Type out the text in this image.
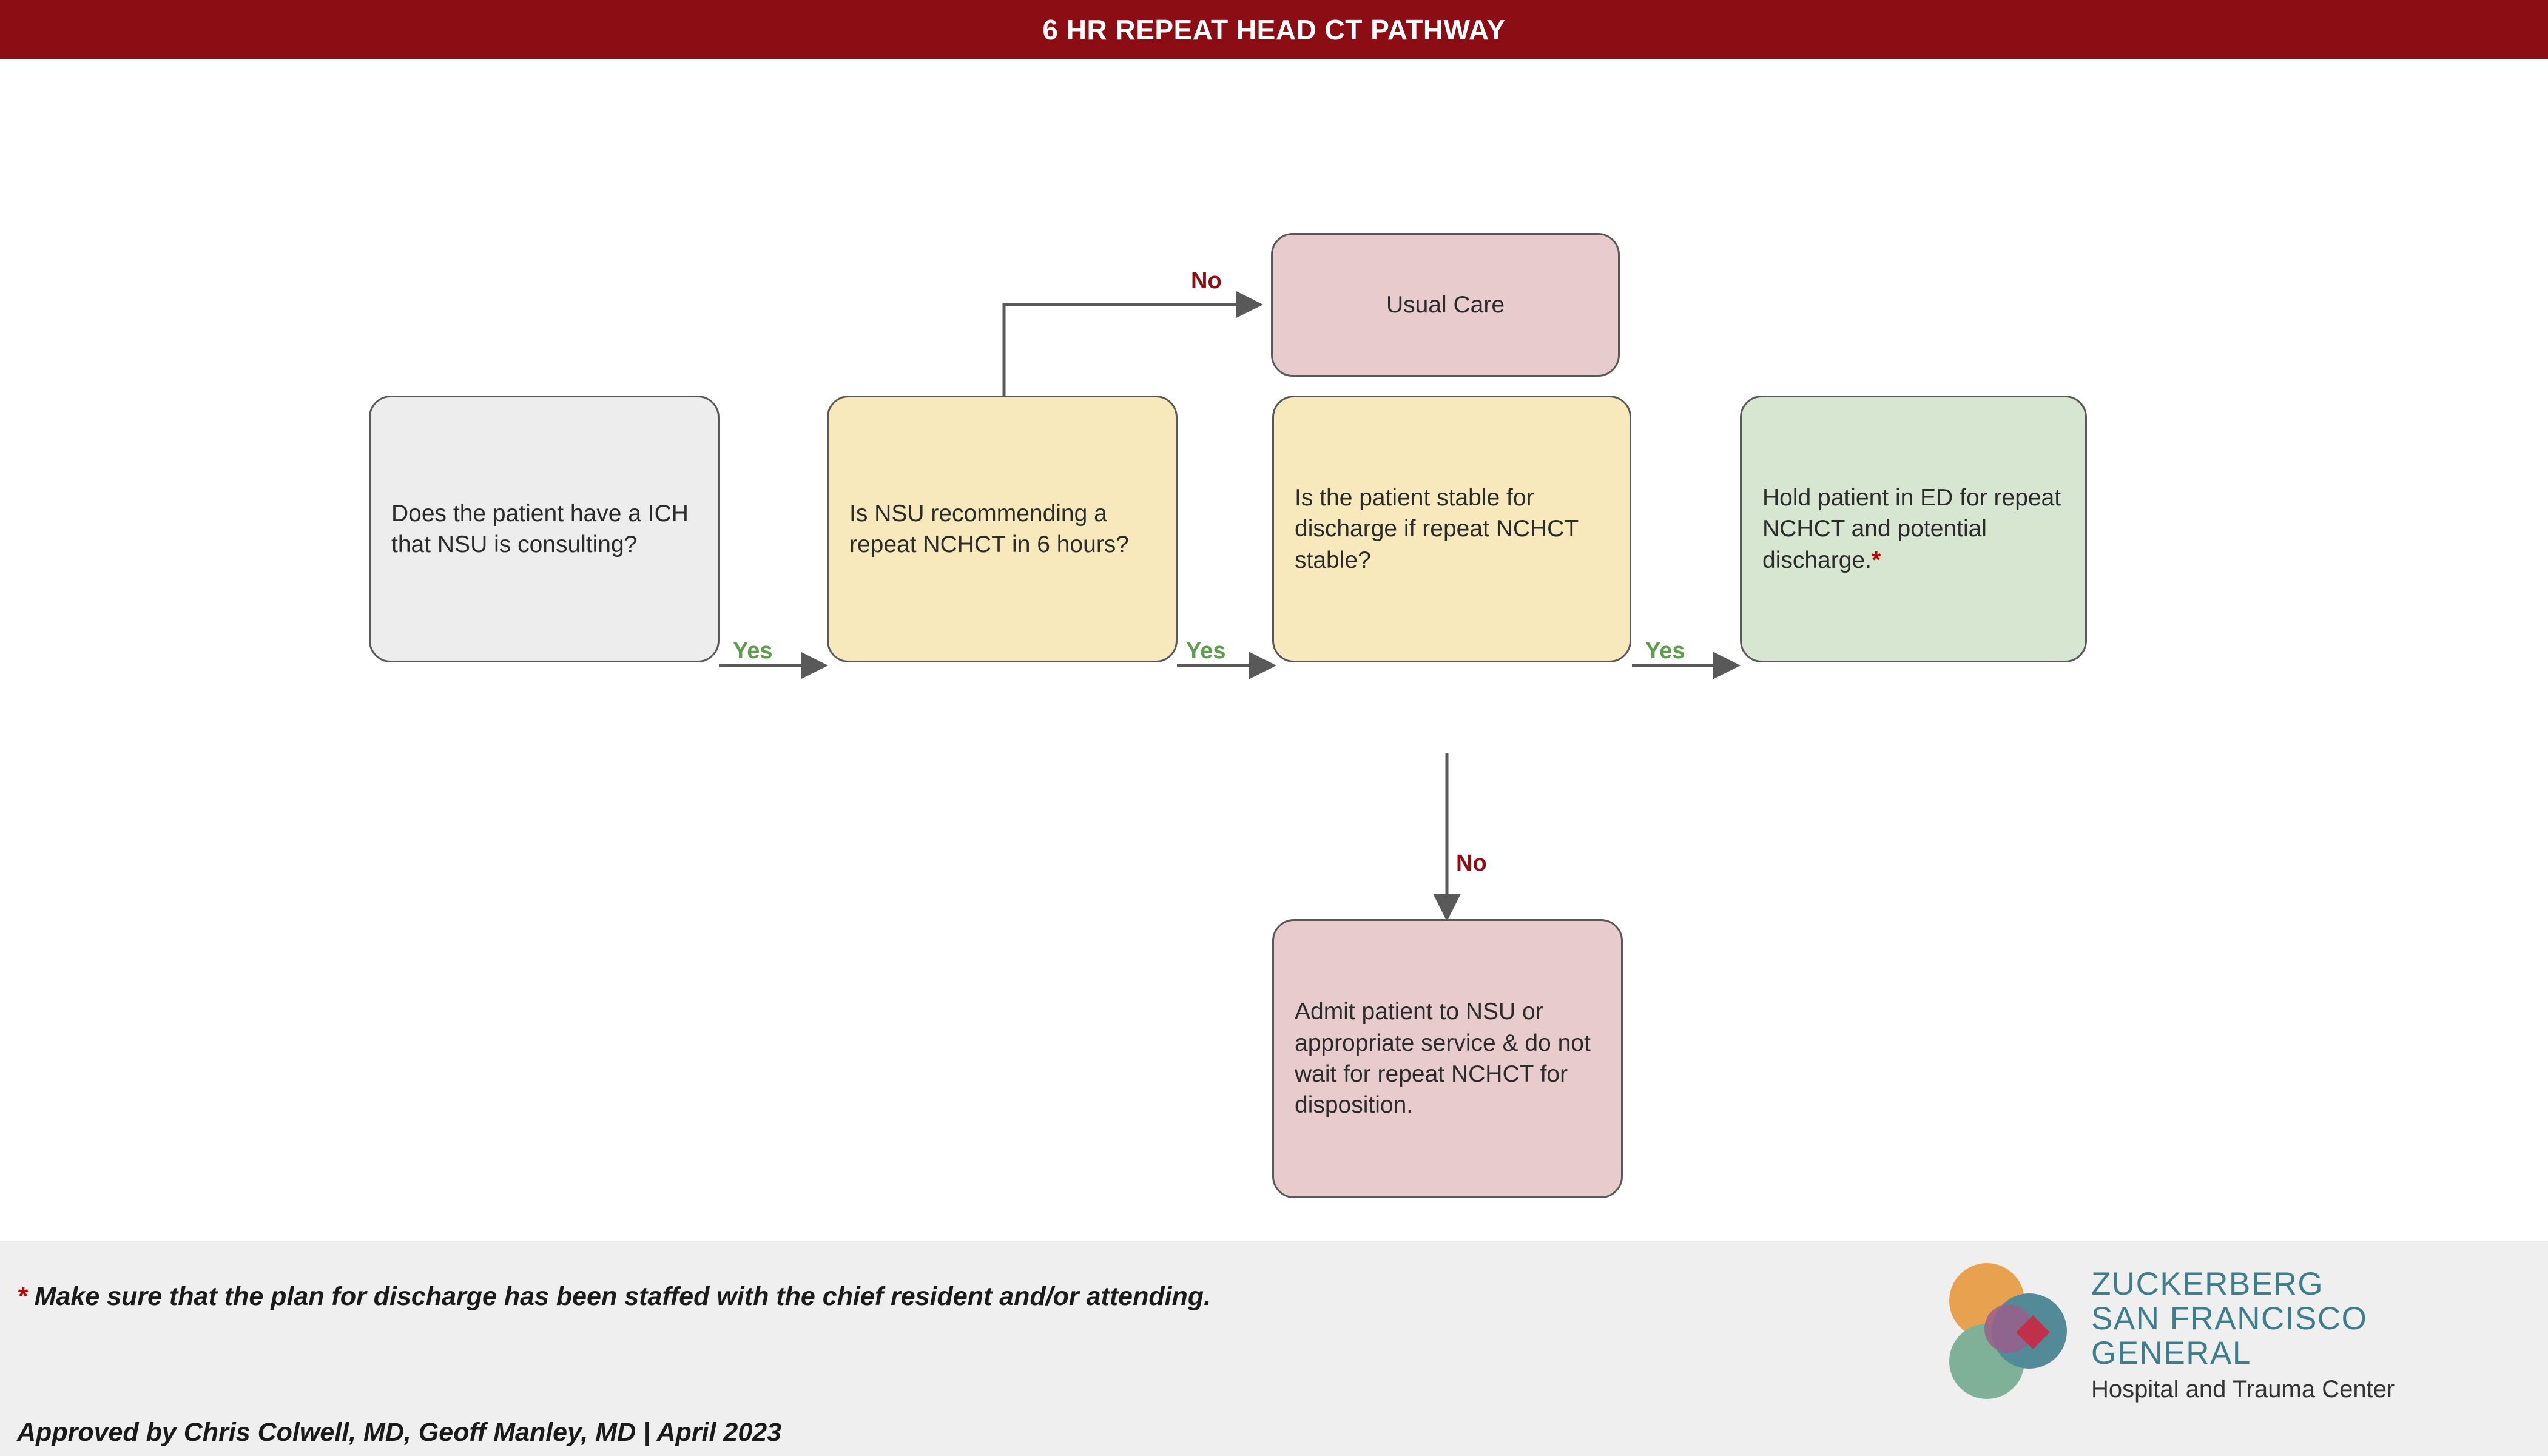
6 HR REPEAT HEAD CT PATHWAY
Usual Care
Does the patient have a ICH that NSU is consulting?
Is NSU recommending a repeat NCHCT in 6 hours?
Is the patient stable for discharge if repeat NCHCT stable?
Hold patient in ED for repeat NCHCT and potential discharge.*
Admit patient to NSU or appropriate service & do not wait for repeat NCHCT for disposition.
Yes
No
Yes	Yes
No
* Make sure that the plan for discharge has been staffed with the chief resident and/or attending.
Approved by Chris Colwell, MD, Geoff Manley, MD | April 2023
ZUCKERBERG
SAN FRANCISCO GENERAL
Hospital and Trauma Center
